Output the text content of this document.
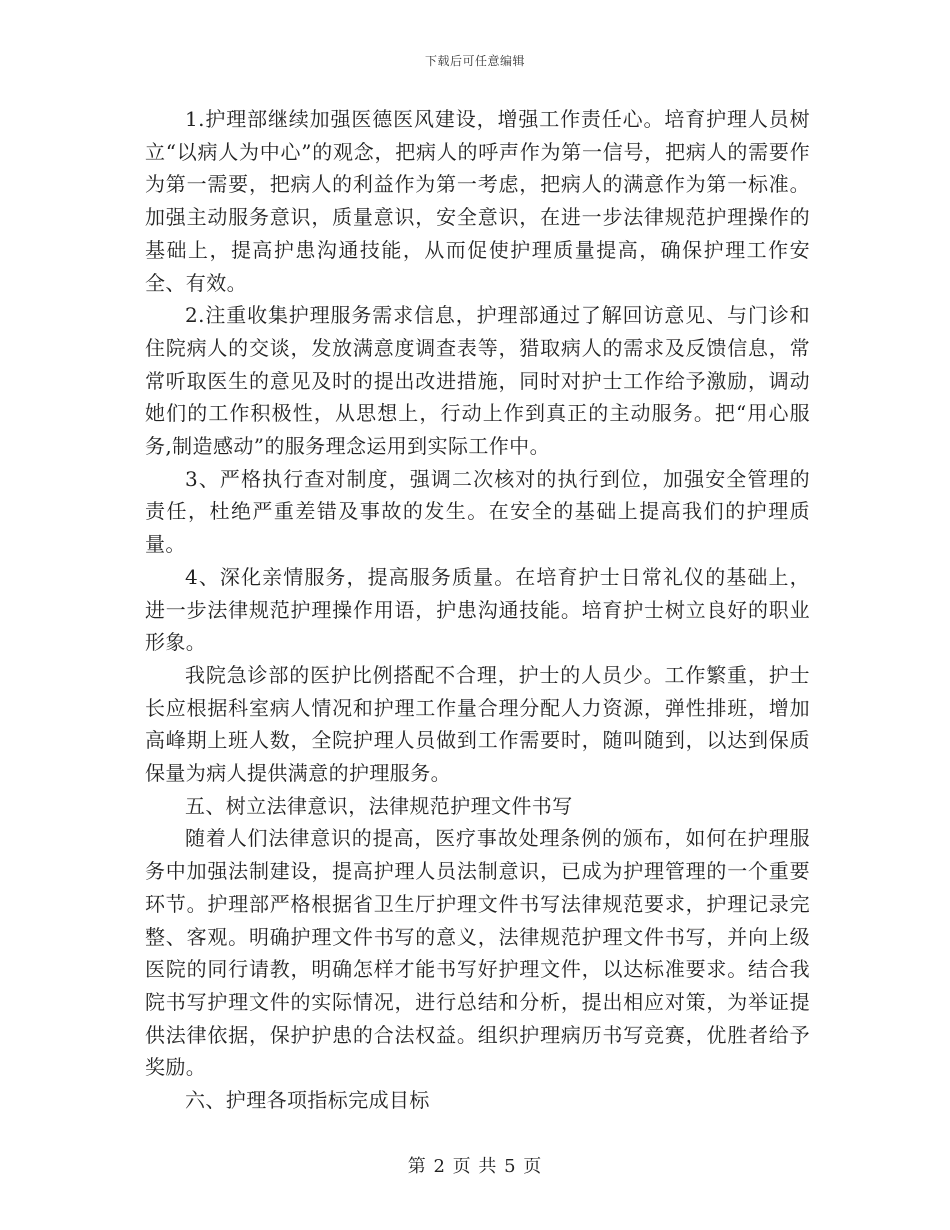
下载后可任意编辑

1.护理部继续加强医德医风建设，增强工作责任心。培育护理人员树立“以病人为中心”的观念，把病人的呼声作为第一信号，把病人的需要作为第一需要，把病人的利益作为第一考虑，把病人的满意作为第一标准。加强主动服务意识，质量意识，安全意识，在进一步法律规范护理操作的基础上，提高护患沟通技能，从而促使护理质量提高，确保护理工作安全、有效。

2.注重收集护理服务需求信息，护理部通过了解回访意见、与门诊和住院病人的交谈，发放满意度调查表等，猎取病人的需求及反馈信息，常常听取医生的意见及时的提出改进措施，同时对护士工作给予激励，调动她们的工作积极性，从思想上，行动上作到真正的主动服务。把“用心服务,制造感动”的服务理念运用到实际工作中。

3、严格执行查对制度，强调二次核对的执行到位，加强安全管理的责任，杜绝严重差错及事故的发生。在安全的基础上提高我们的护理质量。

4、深化亲情服务，提高服务质量。在培育护士日常礼仪的基础上，进一步法律规范护理操作用语，护患沟通技能。培育护士树立良好的职业形象。

我院急诊部的医护比例搭配不合理，护士的人员少。工作繁重，护士长应根据科室病人情况和护理工作量合理分配人力资源，弹性排班，增加高峰期上班人数，全院护理人员做到工作需要时，随叫随到，以达到保质保量为病人提供满意的护理服务。

五、树立法律意识，法律规范护理文件书写

随着人们法律意识的提高，医疗事故处理条例的颁布，如何在护理服务中加强法制建设，提高护理人员法制意识，已成为护理管理的一个重要环节。护理部严格根据省卫生厅护理文件书写法律规范要求，护理记录完整、客观。明确护理文件书写的意义，法律规范护理文件书写，并向上级医院的同行请教，明确怎样才能书写好护理文件，以达标准要求。结合我院书写护理文件的实际情况，进行总结和分析，提出相应对策，为举证提供法律依据，保护护患的合法权益。组织护理病历书写竞赛，优胜者给予奖励。

六、护理各项指标完成目标

第 2 页 共 5 页
